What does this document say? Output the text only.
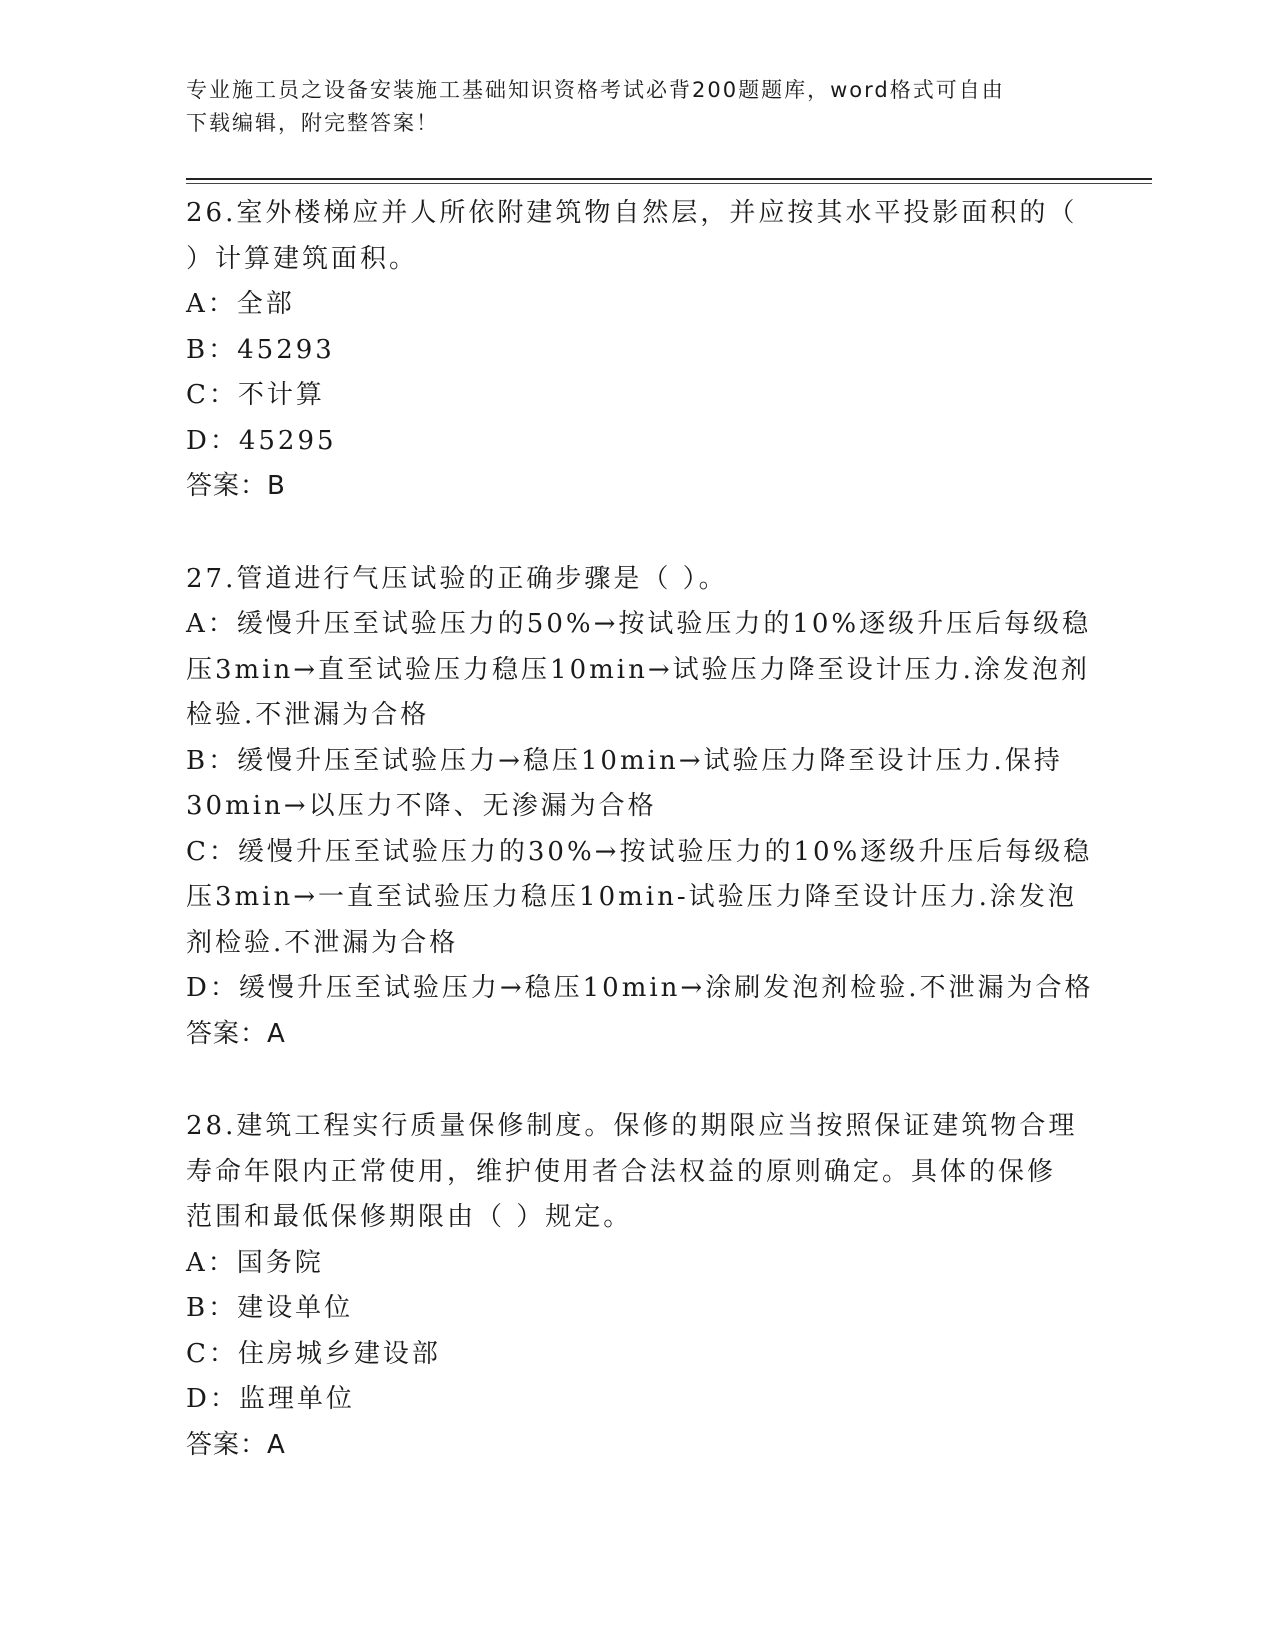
专业施工员之设备安装施工基础知识资格考试必背200题题库，word格式可自由
下载编辑，附完整答案！
26.室外楼梯应并人所依附建筑物自然层，并应按其水平投影面积的（
）计算建筑面积。
A：全部
B：45293
C：不计算
D：45295
答案：B
27.管道进行气压试验的正确步骤是（ ）。
A：缓慢升压至试验压力的50%→按试验压力的10%逐级升压后每级稳
压3min→直至试验压力稳压10min→试验压力降至设计压力.涂发泡剂
检验.不泄漏为合格
B：缓慢升压至试验压力→稳压10min→试验压力降至设计压力.保持
30min→以压力不降、无渗漏为合格
C：缓慢升压至试验压力的30%→按试验压力的10%逐级升压后每级稳
压3min→一直至试验压力稳压10min-试验压力降至设计压力.涂发泡
剂检验.不泄漏为合格
D：缓慢升压至试验压力→稳压10min→涂刷发泡剂检验.不泄漏为合格
答案：A
28.建筑工程实行质量保修制度。保修的期限应当按照保证建筑物合理
寿命年限内正常使用，维护使用者合法权益的原则确定。具体的保修
范围和最低保修期限由（ ）规定。
A：国务院
B：建设单位
C：住房城乡建设部
D：监理单位
答案：A
